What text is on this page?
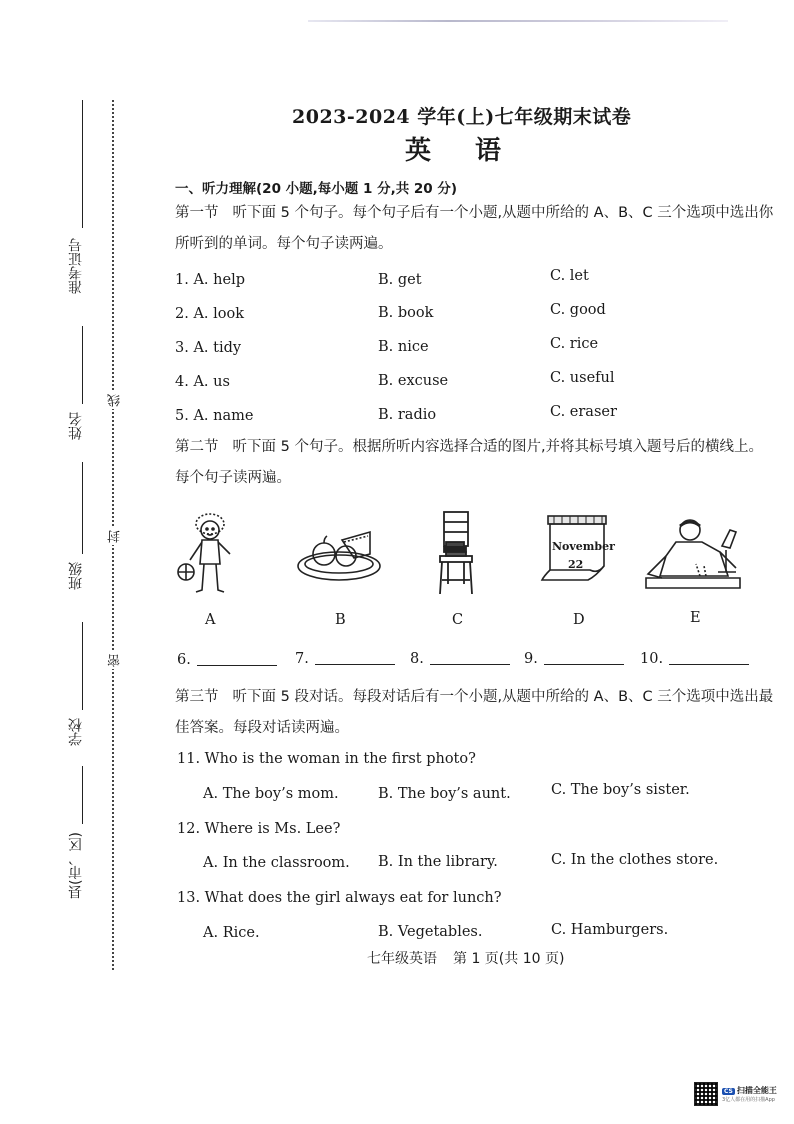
准考证号
姓名
班级
学校
县(市、区)
线
封
密
2023-2024 学年(上)七年级期末试卷
英语
一、听力理解(20 小题,每小题 1 分,共 20 分)
第一节 听下面 5 个句子。每个句子后有一个小题,从题中所给的 A、B、C 三个选项中选出你所听到的单词。每个句子读两遍。
1. A. help	B. get	C. let
2. A. look	B. book	C. good
3. A. tidy	B. nice	C. rice
4. A. us	B. excuse	C. useful
5. A. name	B. radio	C. eraser
第二节 听下面 5 个句子。根据所听内容选择合适的图片,并将其标号填入题号后的横线上。每个句子读两遍。
A	B	C
November
22
D	E
6.	7.	8.	9.	10.
第三节 听下面 5 段对话。每段对话后有一个小题,从题中所给的 A、B、C 三个选项中选出最佳答案。每段对话读两遍。
11. Who is the woman in the first photo?
A. The boy’s mom.	B. The boy’s aunt.	C. The boy’s sister.
12. Where is Ms. Lee?
A. In the classroom. B. In the library.	C. In the clothes store.
13. What does the girl always eat for lunch?
A. Rice.	B. Vegetables.	C. Hamburgers.
七年级英语 第 1 页(共 10 页)
CS 扫描全能王
3亿人都在用的扫描App
